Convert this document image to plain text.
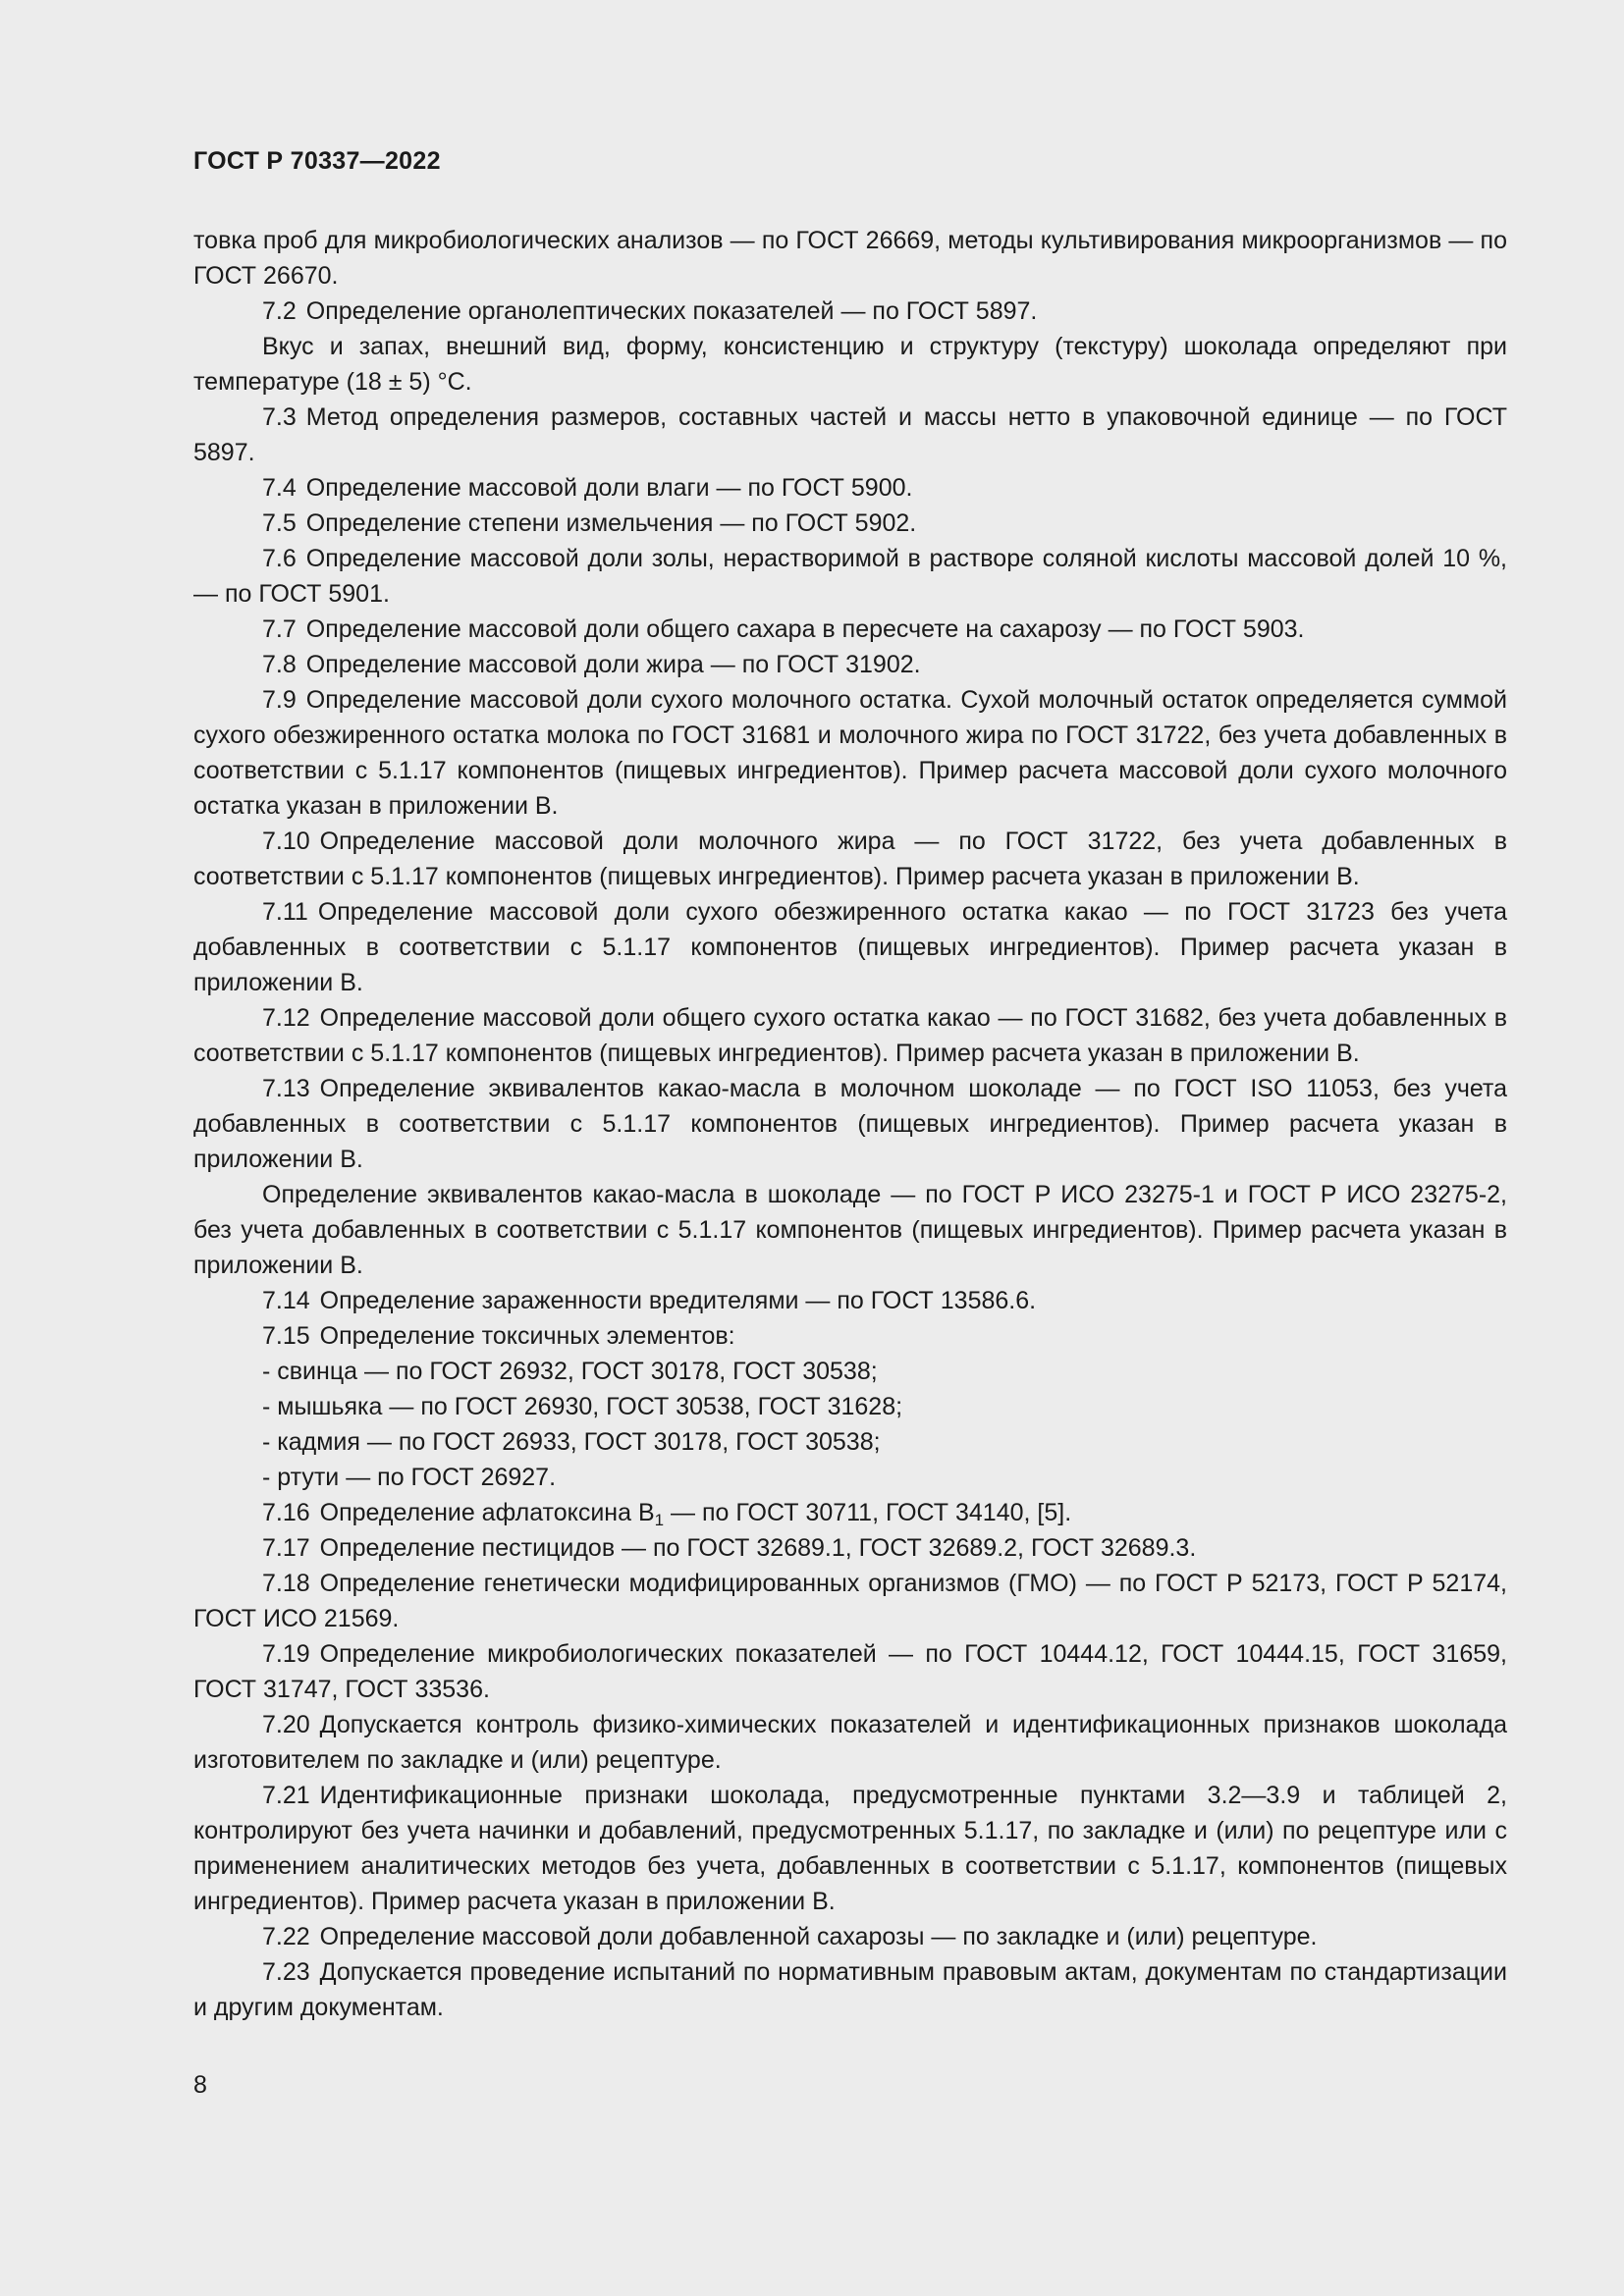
ГОСТ Р 70337—2022

товка проб для микробиологических анализов — по ГОСТ 26669, методы культивирования микроорганизмов — по ГОСТ 26670.

7.2 Определение органолептических показателей — по ГОСТ 5897.

Вкус и запах, внешний вид, форму, консистенцию и структуру (текстуру) шоколада определяют при температуре (18 ± 5) °С.

7.3 Метод определения размеров, составных частей и массы нетто в упаковочной единице — по ГОСТ 5897.

7.4 Определение массовой доли влаги — по ГОСТ 5900.

7.5 Определение степени измельчения — по ГОСТ 5902.

7.6 Определение массовой доли золы, нерастворимой в растворе соляной кислоты массовой долей 10 %, — по ГОСТ 5901.

7.7 Определение массовой доли общего сахара в пересчете на сахарозу — по ГОСТ 5903.

7.8 Определение массовой доли жира — по ГОСТ 31902.

7.9 Определение массовой доли сухого молочного остатка. Сухой молочный остаток определяется суммой сухого обезжиренного остатка молока по ГОСТ 31681 и молочного жира по ГОСТ 31722, без учета добавленных в соответствии с 5.1.17 компонентов (пищевых ингредиентов). Пример расчета массовой доли сухого молочного остатка указан в приложении В.

7.10 Определение массовой доли молочного жира — по ГОСТ 31722, без учета добавленных в соответствии с 5.1.17 компонентов (пищевых ингредиентов). Пример расчета указан в приложении В.

7.11 Определение массовой доли сухого обезжиренного остатка какао — по ГОСТ 31723 без учета добавленных в соответствии с 5.1.17 компонентов (пищевых ингредиентов). Пример расчета указан в приложении В.

7.12 Определение массовой доли общего сухого остатка какао — по ГОСТ 31682, без учета добавленных в соответствии с 5.1.17 компонентов (пищевых ингредиентов). Пример расчета указан в приложении В.

7.13 Определение эквивалентов какао-масла в молочном шоколаде — по ГОСТ ISO 11053, без учета добавленных в соответствии с 5.1.17 компонентов (пищевых ингредиентов). Пример расчета указан в приложении В.

Определение эквивалентов какао-масла в шоколаде — по ГОСТ Р ИСО 23275-1 и ГОСТ Р ИСО 23275-2, без учета добавленных в соответствии с 5.1.17 компонентов (пищевых ингредиентов). Пример расчета указан в приложении В.

7.14 Определение зараженности вредителями — по ГОСТ 13586.6.

7.15 Определение токсичных элементов:

- свинца — по ГОСТ 26932, ГОСТ 30178, ГОСТ 30538;

- мышьяка — по ГОСТ 26930, ГОСТ 30538, ГОСТ 31628;

- кадмия — по ГОСТ 26933, ГОСТ 30178, ГОСТ 30538;

- ртути — по ГОСТ 26927.

7.16 Определение афлатоксина $В_1$ — по ГОСТ 30711, ГОСТ 34140, [5].

7.17 Определение пестицидов — по ГОСТ 32689.1, ГОСТ 32689.2, ГОСТ 32689.3.

7.18 Определение генетически модифицированных организмов (ГМО) — по ГОСТ Р 52173, ГОСТ Р 52174, ГОСТ ИСО 21569.

7.19 Определение микробиологических показателей — по ГОСТ 10444.12, ГОСТ 10444.15, ГОСТ 31659, ГОСТ 31747, ГОСТ 33536.

7.20 Допускается контроль физико-химических показателей и идентификационных признаков шоколада изготовителем по закладке и (или) рецептуре.

7.21 Идентификационные признаки шоколада, предусмотренные пунктами 3.2—3.9 и таблицей 2, контролируют без учета начинки и добавлений, предусмотренных 5.1.17, по закладке и (или) по рецептуре или с применением аналитических методов без учета, добавленных в соответствии с 5.1.17, компонентов (пищевых ингредиентов). Пример расчета указан в приложении В.

7.22 Определение массовой доли добавленной сахарозы — по закладке и (или) рецептуре.

7.23 Допускается проведение испытаний по нормативным правовым актам, документам по стандартизации и другим документам.

8
